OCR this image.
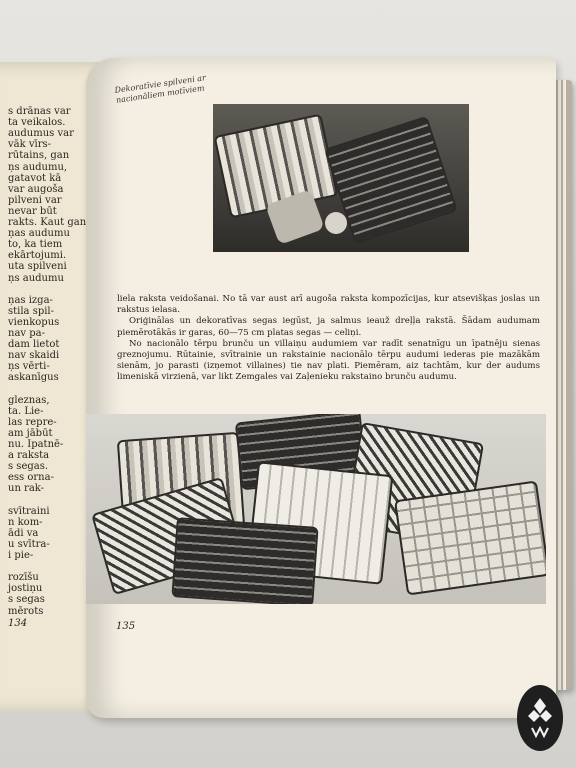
s drānas var
ta veikalos.
audumus var
vāk vīrs-
rūtains, gan
ņs audumu,
gatavot kā
var augoša
pilveni var
nevar būt
rakts. Kaut gan
ņas audumu
to, ka tiem
ekārtojumi.
uta spilveni
ņs audumu
ņas izga-
stila spil-
vienkopus
nav pa-
dam lietot
nav skaidi
ņs vērti-
askanīgus
gleznas,
ta. Lie-
las repre-
am jābūt
nu. Ipatnē-
a raksta
s segas.
ess orna-
un rak-
svītraini
n kom-
ādi va
u svītra-
i pie-
rozīšu
jostiņu
s segas
mērots
134
Dekoratīvie spilveni ar nacionāliem motīviem

liela raksta veidošanai. No tā var aust arī augoša raksta kompozīcijas, kur atsevišķas joslas un rakstus ielasa.

Oriģinālas un dekoratīvas segas iegūst, ja salmus ieauž dreļļa rakstā. Šādam audumam piemērotākās ir garas, 60—75 cm platas segas — celiņi.

No nacionālo tērpu brunču un villaiņu audumiem var radīt senatnīgu un īpatnēju sienas greznojumu. Rūtainie, svītrainie un rakstainie nacionālo tērpu audumi iederas pie mazākām sienām, jo parasti (izņemot villaines) tie nav plati. Piemēram, aiz tachtām, kur der audums limeniskā virzienā, var likt Zemgales vai Zaļenieku rakstaino brunču audumu.

135
